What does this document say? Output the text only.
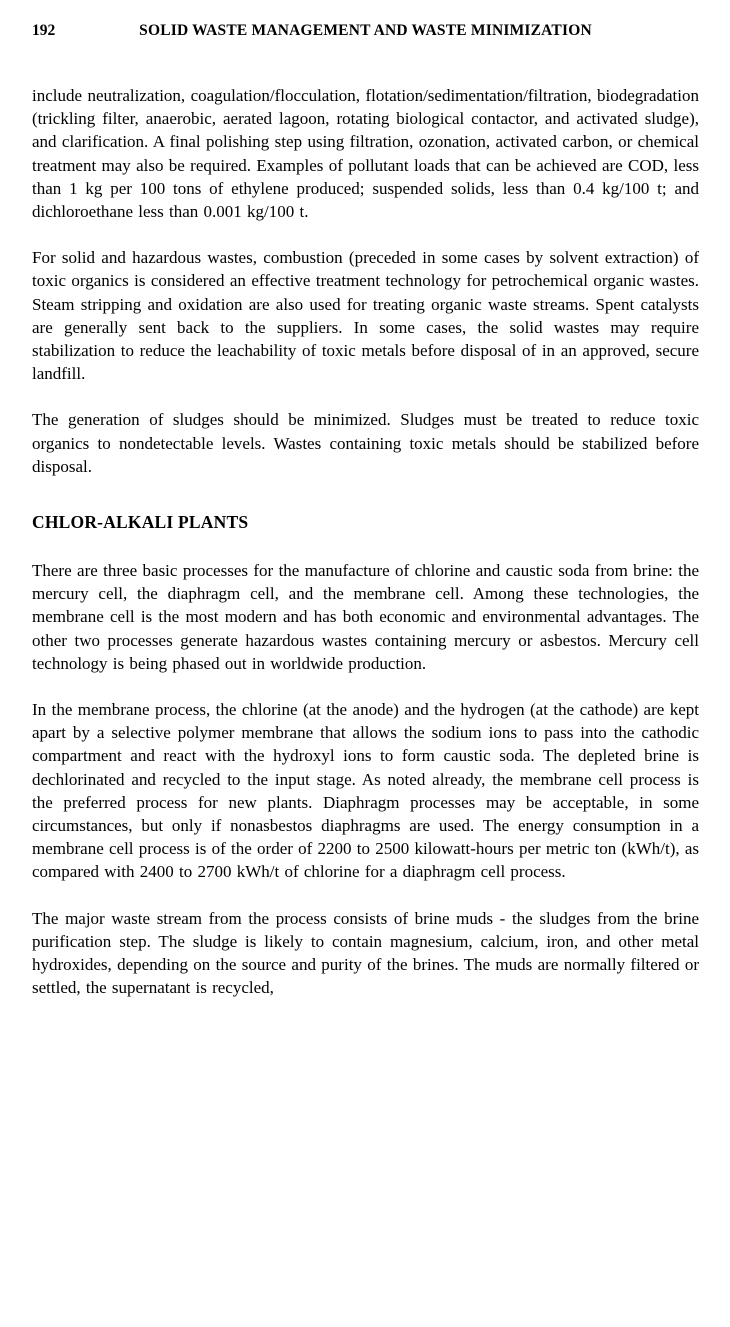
192	SOLID WASTE MANAGEMENT AND WASTE MINIMIZATION

include neutralization, coagulation/flocculation, flotation/sedimentation/filtration, biodegradation (trickling filter, anaerobic, aerated lagoon, rotating biological contactor, and activated sludge), and clarification. A final polishing step using filtration, ozonation, activated carbon, or chemical treatment may also be required. Examples of pollutant loads that can be achieved are COD, less than 1 kg per 100 tons of ethylene produced; suspended solids, less than 0.4 kg/100 t; and dichloroethane less than 0.001 kg/100 t.

For solid and hazardous wastes, combustion (preceded in some cases by solvent extraction) of toxic organics is considered an effective treatment technology for petrochemical organic wastes. Steam stripping and oxidation are also used for treating organic waste streams. Spent catalysts are generally sent back to the suppliers. In some cases, the solid wastes may require stabilization to reduce the leachability of toxic metals before disposal of in an approved, secure landfill.

The generation of sludges should be minimized. Sludges must be treated to reduce toxic organics to nondetectable levels. Wastes containing toxic metals should be stabilized before disposal.

CHLOR-ALKALI PLANTS

There are three basic processes for the manufacture of chlorine and caustic soda from brine: the mercury cell, the diaphragm cell, and the membrane cell. Among these technologies, the membrane cell is the most modern and has both economic and environmental advantages. The other two processes generate hazardous wastes containing mercury or asbestos. Mercury cell technology is being phased out in worldwide production.

In the membrane process, the chlorine (at the anode) and the hydrogen (at the cathode) are kept apart by a selective polymer membrane that allows the sodium ions to pass into the cathodic compartment and react with the hydroxyl ions to form caustic soda. The depleted brine is dechlorinated and recycled to the input stage. As noted already, the membrane cell process is the preferred process for new plants. Diaphragm processes may be acceptable, in some circumstances, but only if nonasbestos diaphragms are used. The energy consumption in a membrane cell process is of the order of 2200 to 2500 kilowatt-hours per metric ton (kWh/t), as compared with 2400 to 2700 kWh/t of chlorine for a diaphragm cell process.

The major waste stream from the process consists of brine muds - the sludges from the brine purification step. The sludge is likely to contain magnesium, calcium, iron, and other metal hydroxides, depending on the source and purity of the brines. The muds are normally filtered or settled, the supernatant is recycled,
